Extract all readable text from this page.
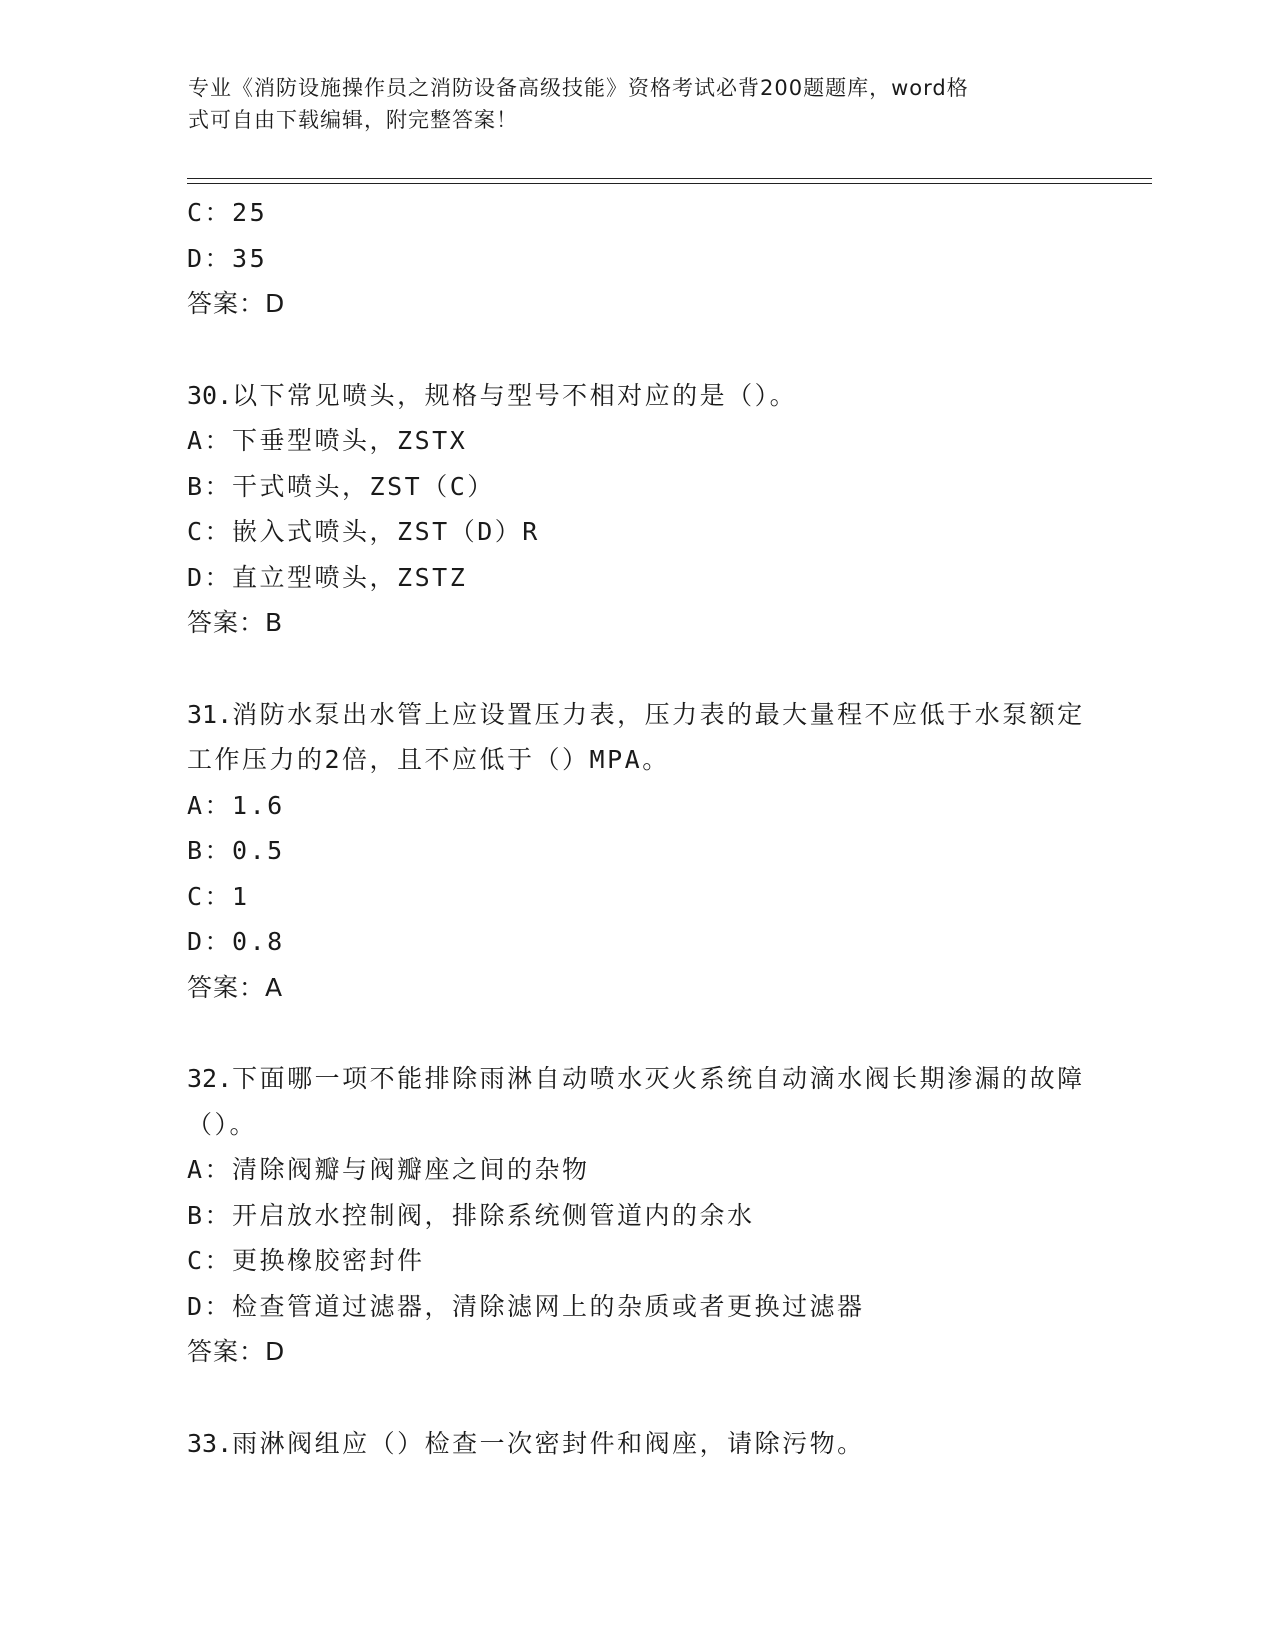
专业《消防设施操作员之消防设备高级技能》资格考试必背200题题库，word格
式可自由下载编辑，附完整答案！
C：25
D：35
答案：D
30.以下常见喷头，规格与型号不相对应的是（）。
A：下垂型喷头，ZSTX
B：干式喷头，ZST（C）
C：嵌入式喷头，ZST（D）R
D：直立型喷头，ZSTZ
答案：B
31.消防水泵出水管上应设置压力表，压力表的最大量程不应低于水泵额定工作压力的2倍，且不应低于（）MPA。
A：1.6
B：0.5
C：1
D：0.8
答案：A
32.下面哪一项不能排除雨淋自动喷水灭火系统自动滴水阀长期渗漏的故障（）。
A：清除阀瓣与阀瓣座之间的杂物
B：开启放水控制阀，排除系统侧管道内的余水
C：更换橡胶密封件
D：检查管道过滤器，清除滤网上的杂质或者更换过滤器
答案：D
33.雨淋阀组应（）检查一次密封件和阀座，请除污物。
